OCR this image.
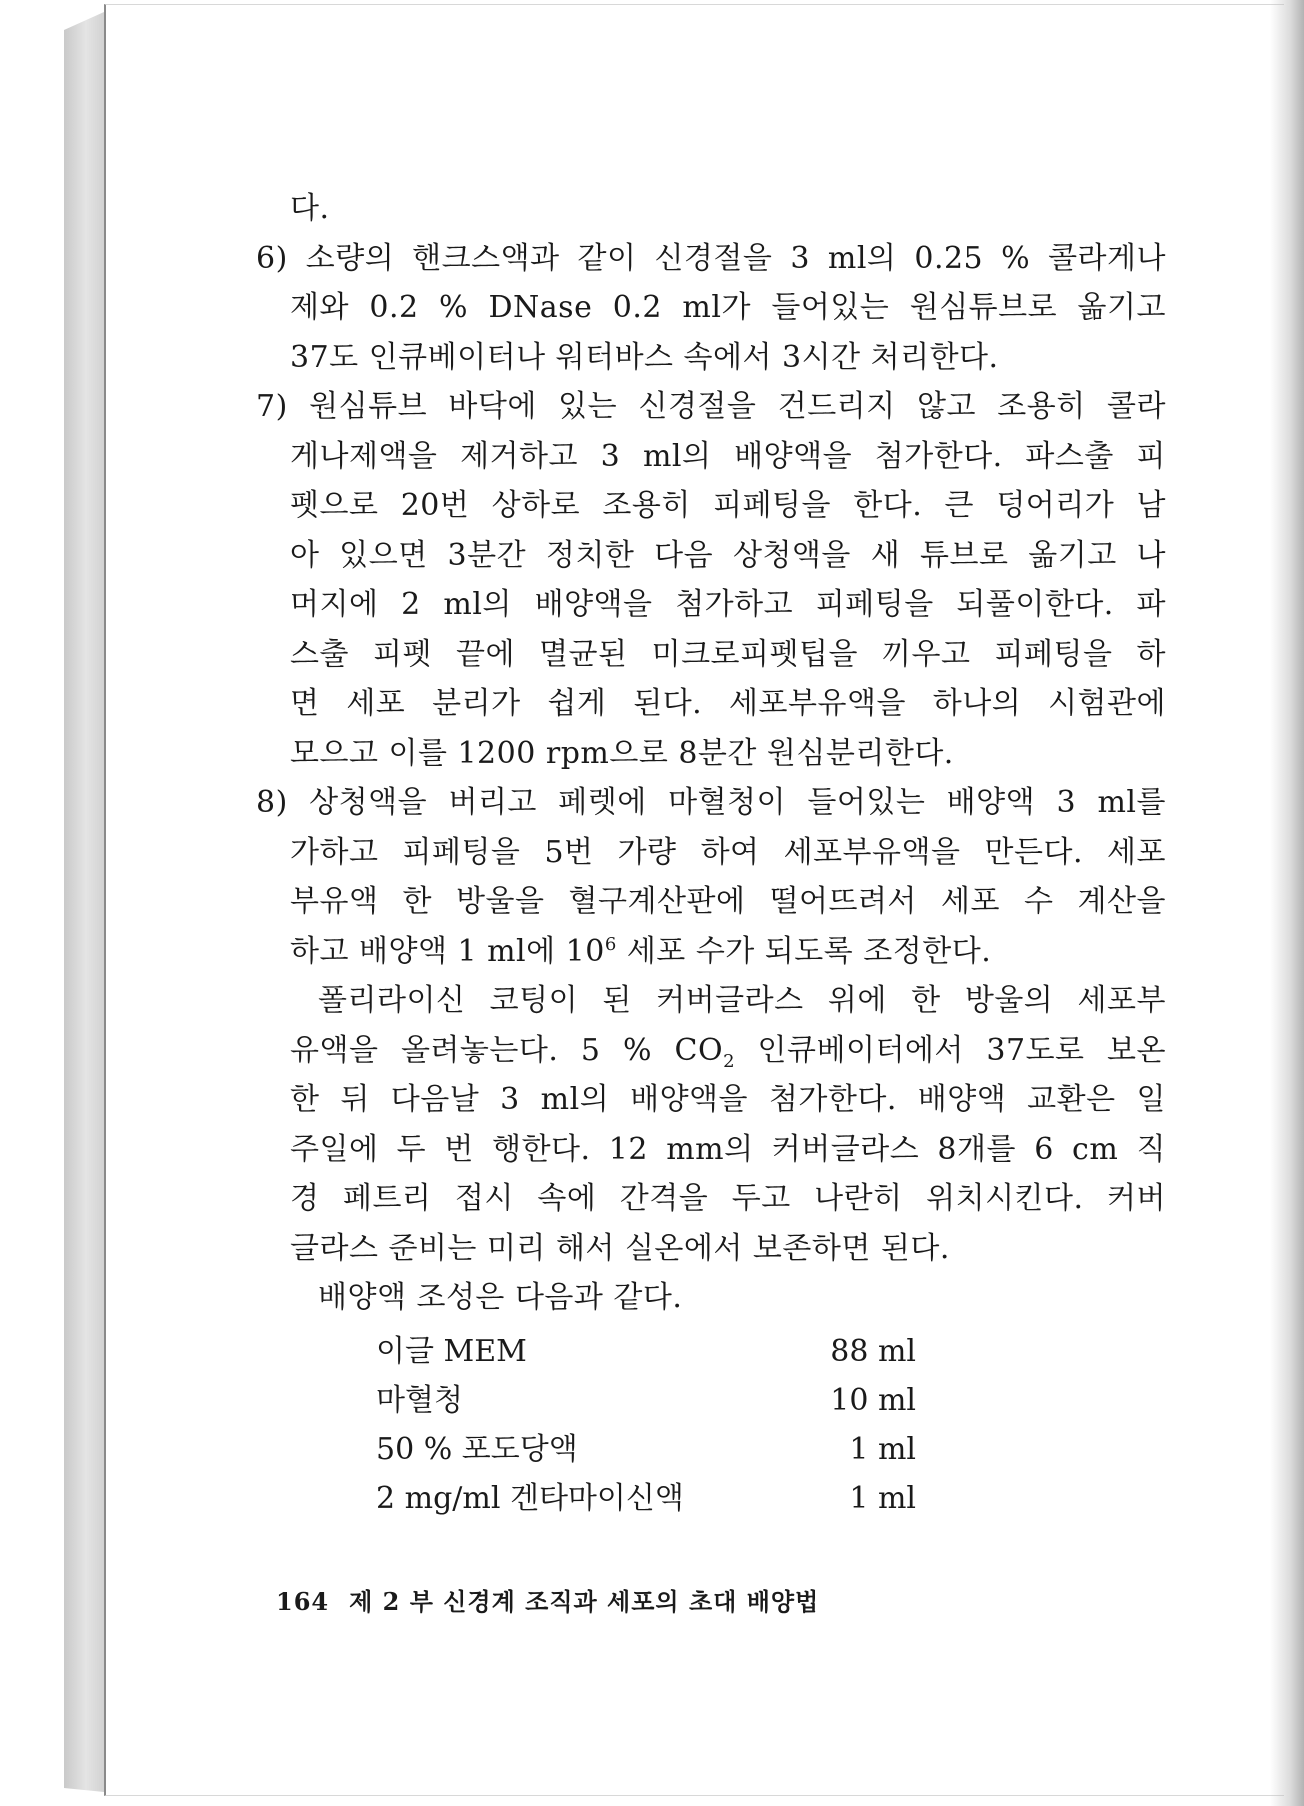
다.
6) 소량의 핸크스액과 같이 신경절을 3 ml의 0.25 % 콜라게나
제와 0.2 % DNase 0.2 ml가 들어있는 원심튜브로 옮기고
37도 인큐베이터나 워터바스 속에서 3시간 처리한다.
7) 원심튜브 바닥에 있는 신경절을 건드리지 않고 조용히 콜라
게나제액을 제거하고 3 ml의 배양액을 첨가한다. 파스출 피
펫으로 20번 상하로 조용히 피페팅을 한다. 큰 덩어리가 남
아 있으면 3분간 정치한 다음 상청액을 새 튜브로 옮기고 나
머지에 2 ml의 배양액을 첨가하고 피페팅을 되풀이한다. 파
스출 피펫 끝에 멸균된 미크로피펫팁을 끼우고 피페팅을 하
면 세포 분리가 쉽게 된다. 세포부유액을 하나의 시험관에
모으고 이를 1200 rpm으로 8분간 원심분리한다.
8) 상청액을 버리고 페렛에 마혈청이 들어있는 배양액 3 ml를
가하고 피페팅을 5번 가량 하여 세포부유액을 만든다. 세포
부유액 한 방울을 혈구계산판에 떨어뜨려서 세포 수 계산을
하고 배양액 1 ml에 $10^6$ 세포 수가 되도록 조정한다.
폴리라이신 코팅이 된 커버글라스 위에 한 방울의 세포부
유액을 올려놓는다. 5 % $CO_2$ 인큐베이터에서 37도로 보온
한 뒤 다음날 3 ml의 배양액을 첨가한다. 배양액 교환은 일
주일에 두 번 행한다. 12 mm의 커버글라스 8개를 6 cm 직
경 페트리 접시 속에 간격을 두고 나란히 위치시킨다. 커버
글라스 준비는 미리 해서 실온에서 보존하면 된다.
배양액 조성은 다음과 같다.
이글 MEM	88 ml
마혈청	10 ml
50 % 포도당액	1 ml
2 mg/ml 겐타마이신액	1 ml
164 제 2 부 신경계 조직과 세포의 초대 배양법
